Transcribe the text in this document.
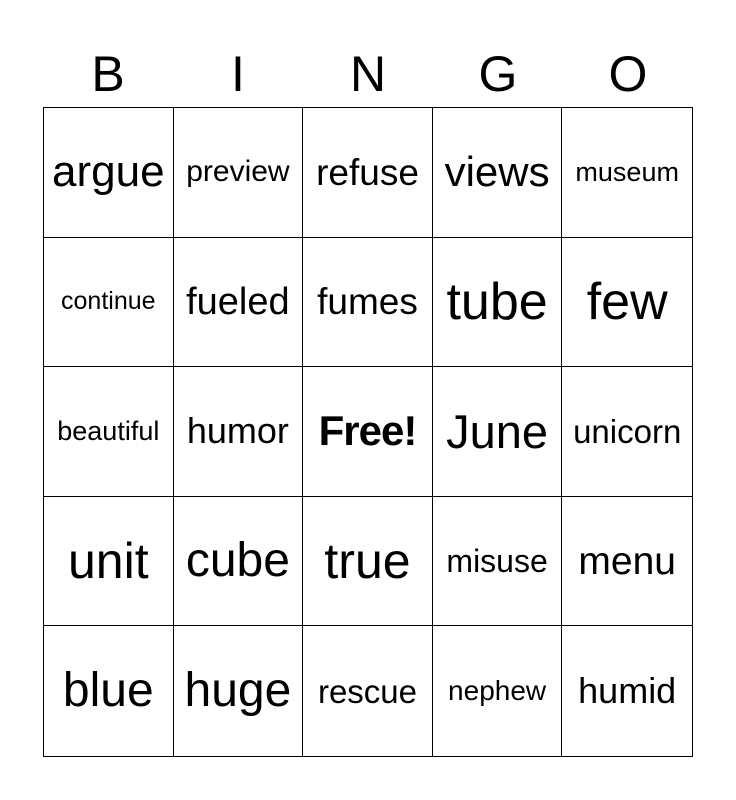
B	I	N	G	O
argue preview refuse views museum
continue fueled fumes tube few
beautiful humor Free! June unicorn
unit cube true misuse menu
blue huge rescue nephew humid
